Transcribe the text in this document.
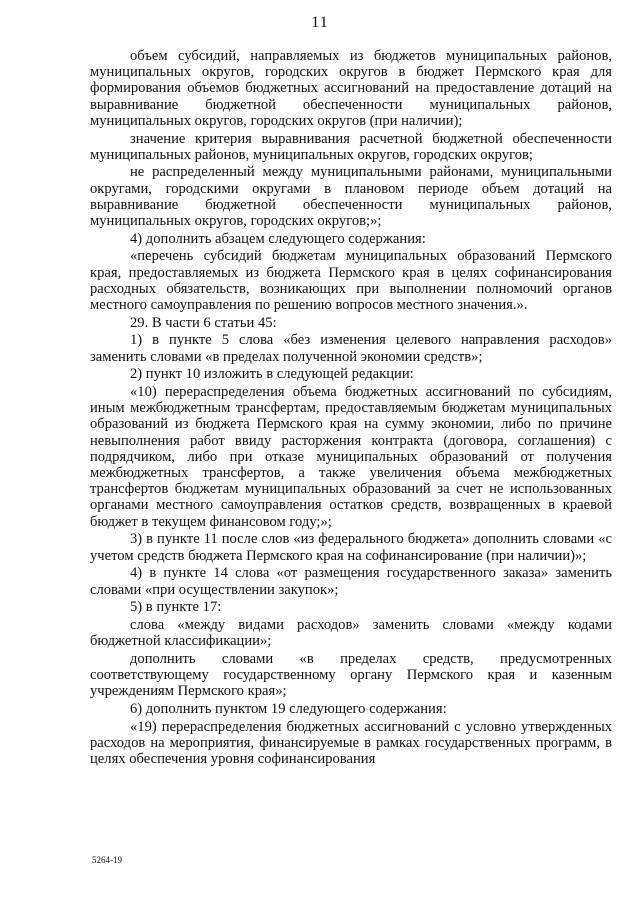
11

объем субсидий, направляемых из бюджетов муниципальных районов, муниципальных округов, городских округов в бюджет Пермского края для формирования объемов бюджетных ассигнований на предоставление дотаций на выравнивание бюджетной обеспеченности муниципальных районов, муниципальных округов, городских округов (при наличии);

значение критерия выравнивания расчетной бюджетной обеспеченности муниципальных районов, муниципальных округов, городских округов;

не распределенный между муниципальными районами, муниципальными округами, городскими округами в плановом периоде объем дотаций на выравнивание бюджетной обеспеченности муниципальных районов, муниципальных округов, городских округов;»;

4) дополнить абзацем следующего содержания:

«перечень субсидий бюджетам муниципальных образований Пермского края, предоставляемых из бюджета Пермского края в целях софинансирования расходных обязательств, возникающих при выполнении полномочий органов местного самоуправления по решению вопросов местного значения.».

29. В части 6 статьи 45:

1) в пункте 5 слова «без изменения целевого направления расходов» заменить словами «в пределах полученной экономии средств»;

2) пункт 10 изложить в следующей редакции:

«10) перераспределения объема бюджетных ассигнований по субсидиям, иным межбюджетным трансфертам, предоставляемым бюджетам муниципальных образований из бюджета Пермского края на сумму экономии, либо по причине невыполнения работ ввиду расторжения контракта (договора, соглашения) с подрядчиком, либо при отказе муниципальных образований от получения межбюджетных трансфертов, а также увеличения объема межбюджетных трансфертов бюджетам муниципальных образований за счет не использованных органами местного самоуправления остатков средств, возвращенных в краевой бюджет в текущем финансовом году;»;

3) в пункте 11 после слов «из федерального бюджета» дополнить словами «с учетом средств бюджета Пермского края на софинансирование (при наличии)»;

4) в пункте 14 слова «от размещения государственного заказа» заменить словами «при осуществлении закупок»;

5) в пункте 17:

слова «между видами расходов» заменить словами «между кодами бюджетной классификации»;

дополнить словами «в пределах средств, предусмотренных соответствующему государственному органу Пермского края и казенным учреждениям Пермского края»;

6) дополнить пунктом 19 следующего содержания:

«19) перераспределения бюджетных ассигнований с условно утвержденных расходов на мероприятия, финансируемые в рамках государственных программ, в целях обеспечения уровня софинансирования

5264-19
